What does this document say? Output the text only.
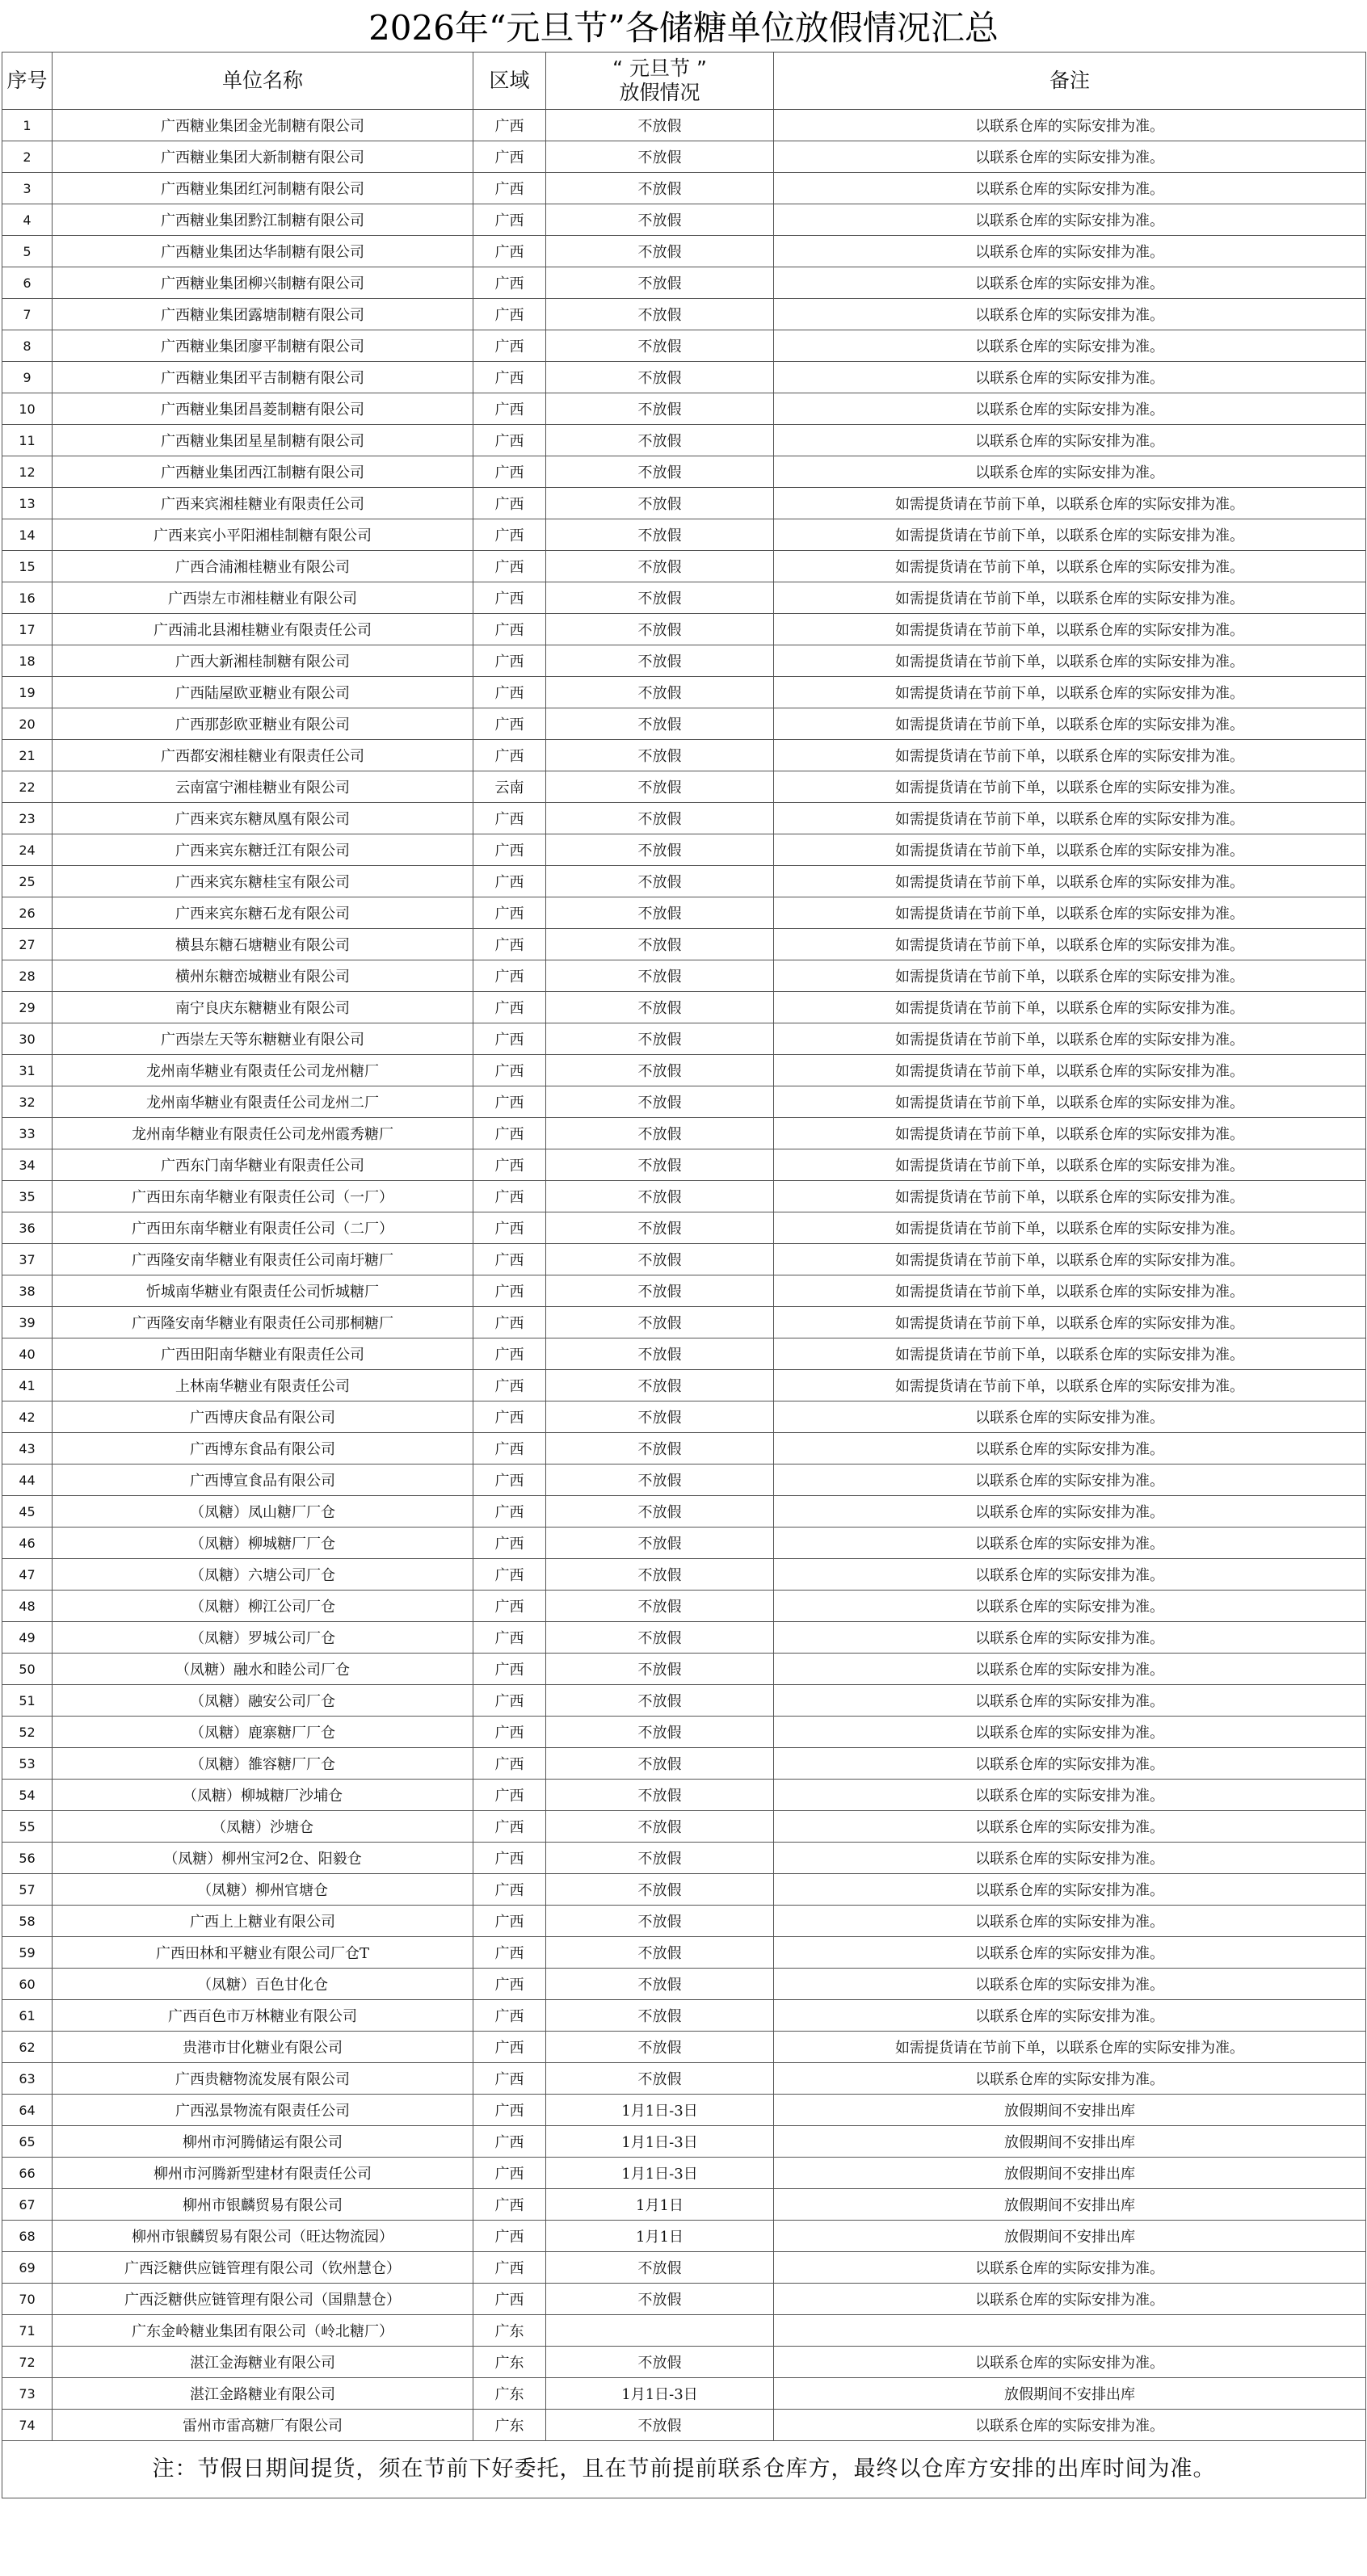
2026年“元旦节”各储糖单位放假情况汇总
序号	单位名称	区域	“ 元旦节 ”
放假情况	备注
1	广西糖业集团金光制糖有限公司	广西	不放假	以联系仓库的实际安排为准。
2	广西糖业集团大新制糖有限公司	广西	不放假	以联系仓库的实际安排为准。
3	广西糖业集团红河制糖有限公司	广西	不放假	以联系仓库的实际安排为准。
4	广西糖业集团黔江制糖有限公司	广西	不放假	以联系仓库的实际安排为准。
5	广西糖业集团达华制糖有限公司	广西	不放假	以联系仓库的实际安排为准。
6	广西糖业集团柳兴制糖有限公司	广西	不放假	以联系仓库的实际安排为准。
7	广西糖业集团露塘制糖有限公司	广西	不放假	以联系仓库的实际安排为准。
8	广西糖业集团廖平制糖有限公司	广西	不放假	以联系仓库的实际安排为准。
9	广西糖业集团平吉制糖有限公司	广西	不放假	以联系仓库的实际安排为准。
10	广西糖业集团昌菱制糖有限公司	广西	不放假	以联系仓库的实际安排为准。
11	广西糖业集团星星制糖有限公司	广西	不放假	以联系仓库的实际安排为准。
12	广西糖业集团西江制糖有限公司	广西	不放假	以联系仓库的实际安排为准。
13	广西来宾湘桂糖业有限责任公司	广西	不放假	如需提货请在节前下单，以联系仓库的实际安排为准。
14	广西来宾小平阳湘桂制糖有限公司	广西	不放假	如需提货请在节前下单，以联系仓库的实际安排为准。
15	广西合浦湘桂糖业有限公司	广西	不放假	如需提货请在节前下单，以联系仓库的实际安排为准。
16	广西崇左市湘桂糖业有限公司	广西	不放假	如需提货请在节前下单，以联系仓库的实际安排为准。
17	广西浦北县湘桂糖业有限责任公司	广西	不放假	如需提货请在节前下单，以联系仓库的实际安排为准。
18	广西大新湘桂制糖有限公司	广西	不放假	如需提货请在节前下单，以联系仓库的实际安排为准。
19	广西陆屋欧亚糖业有限公司	广西	不放假	如需提货请在节前下单，以联系仓库的实际安排为准。
20	广西那彭欧亚糖业有限公司	广西	不放假	如需提货请在节前下单，以联系仓库的实际安排为准。
21	广西都安湘桂糖业有限责任公司	广西	不放假	如需提货请在节前下单，以联系仓库的实际安排为准。
22	云南富宁湘桂糖业有限公司	云南	不放假	如需提货请在节前下单，以联系仓库的实际安排为准。
23	广西来宾东糖凤凰有限公司	广西	不放假	如需提货请在节前下单，以联系仓库的实际安排为准。
24	广西来宾东糖迁江有限公司	广西	不放假	如需提货请在节前下单，以联系仓库的实际安排为准。
25	广西来宾东糖桂宝有限公司	广西	不放假	如需提货请在节前下单，以联系仓库的实际安排为准。
26	广西来宾东糖石龙有限公司	广西	不放假	如需提货请在节前下单，以联系仓库的实际安排为准。
27	横县东糖石塘糖业有限公司	广西	不放假	如需提货请在节前下单，以联系仓库的实际安排为准。
28	横州东糖峦城糖业有限公司	广西	不放假	如需提货请在节前下单，以联系仓库的实际安排为准。
29	南宁良庆东糖糖业有限公司	广西	不放假	如需提货请在节前下单，以联系仓库的实际安排为准。
30	广西崇左天等东糖糖业有限公司	广西	不放假	如需提货请在节前下单，以联系仓库的实际安排为准。
31	龙州南华糖业有限责任公司龙州糖厂	广西	不放假	如需提货请在节前下单，以联系仓库的实际安排为准。
32	龙州南华糖业有限责任公司龙州二厂	广西	不放假	如需提货请在节前下单，以联系仓库的实际安排为准。
33	龙州南华糖业有限责任公司龙州霞秀糖厂	广西	不放假	如需提货请在节前下单，以联系仓库的实际安排为准。
34	广西东门南华糖业有限责任公司	广西	不放假	如需提货请在节前下单，以联系仓库的实际安排为准。
35	广西田东南华糖业有限责任公司（一厂）	广西	不放假	如需提货请在节前下单，以联系仓库的实际安排为准。
36	广西田东南华糖业有限责任公司（二厂）	广西	不放假	如需提货请在节前下单，以联系仓库的实际安排为准。
37	广西隆安南华糖业有限责任公司南圩糖厂	广西	不放假	如需提货请在节前下单，以联系仓库的实际安排为准。
38	忻城南华糖业有限责任公司忻城糖厂	广西	不放假	如需提货请在节前下单，以联系仓库的实际安排为准。
39	广西隆安南华糖业有限责任公司那桐糖厂	广西	不放假	如需提货请在节前下单，以联系仓库的实际安排为准。
40	广西田阳南华糖业有限责任公司	广西	不放假	如需提货请在节前下单，以联系仓库的实际安排为准。
41	上林南华糖业有限责任公司	广西	不放假	如需提货请在节前下单，以联系仓库的实际安排为准。
42	广西博庆食品有限公司	广西	不放假	以联系仓库的实际安排为准。
43	广西博东食品有限公司	广西	不放假	以联系仓库的实际安排为准。
44	广西博宣食品有限公司	广西	不放假	以联系仓库的实际安排为准。
45	（凤糖）凤山糖厂厂仓	广西	不放假	以联系仓库的实际安排为准。
46	（凤糖）柳城糖厂厂仓	广西	不放假	以联系仓库的实际安排为准。
47	（凤糖）六塘公司厂仓	广西	不放假	以联系仓库的实际安排为准。
48	（凤糖）柳江公司厂仓	广西	不放假	以联系仓库的实际安排为准。
49	（凤糖）罗城公司厂仓	广西	不放假	以联系仓库的实际安排为准。
50	（凤糖）融水和睦公司厂仓	广西	不放假	以联系仓库的实际安排为准。
51	（凤糖）融安公司厂仓	广西	不放假	以联系仓库的实际安排为准。
52	（凤糖）鹿寨糖厂厂仓	广西	不放假	以联系仓库的实际安排为准。
53	（凤糖）雒容糖厂厂仓	广西	不放假	以联系仓库的实际安排为准。
54	（凤糖）柳城糖厂沙埔仓	广西	不放假	以联系仓库的实际安排为准。
55	（凤糖）沙塘仓	广西	不放假	以联系仓库的实际安排为准。
56	（凤糖）柳州宝河2仓、阳毅仓	广西	不放假	以联系仓库的实际安排为准。
57	（凤糖）柳州官塘仓	广西	不放假	以联系仓库的实际安排为准。
58	广西上上糖业有限公司	广西	不放假	以联系仓库的实际安排为准。
59	广西田林和平糖业有限公司厂仓T	广西	不放假	以联系仓库的实际安排为准。
60	（凤糖）百色甘化仓	广西	不放假	以联系仓库的实际安排为准。
61	广西百色市万林糖业有限公司	广西	不放假	以联系仓库的实际安排为准。
62	贵港市甘化糖业有限公司	广西	不放假	如需提货请在节前下单，以联系仓库的实际安排为准。
63	广西贵糖物流发展有限公司	广西	不放假	以联系仓库的实际安排为准。
64	广西泓景物流有限责任公司	广西	1月1日-3日	放假期间不安排出库
65	柳州市河腾储运有限公司	广西	1月1日-3日	放假期间不安排出库
66	柳州市河腾新型建材有限责任公司	广西	1月1日-3日	放假期间不安排出库
67	柳州市银麟贸易有限公司	广西	1月1日	放假期间不安排出库
68	柳州市银麟贸易有限公司（旺达物流园）	广西	1月1日	放假期间不安排出库
69	广西泛糖供应链管理有限公司（钦州慧仓）	广西	不放假	以联系仓库的实际安排为准。
70	广西泛糖供应链管理有限公司（国鼎慧仓）	广西	不放假	以联系仓库的实际安排为准。
71	广东金岭糖业集团有限公司（岭北糖厂）	广东		
72	湛江金海糖业有限公司	广东	不放假	以联系仓库的实际安排为准。
73	湛江金路糖业有限公司	广东	1月1日-3日	放假期间不安排出库
74	雷州市雷高糖厂有限公司	广东	不放假	以联系仓库的实际安排为准。
注：节假日期间提货，须在节前下好委托，且在节前提前联系仓库方，最终以仓库方安排的出库时间为准。				
